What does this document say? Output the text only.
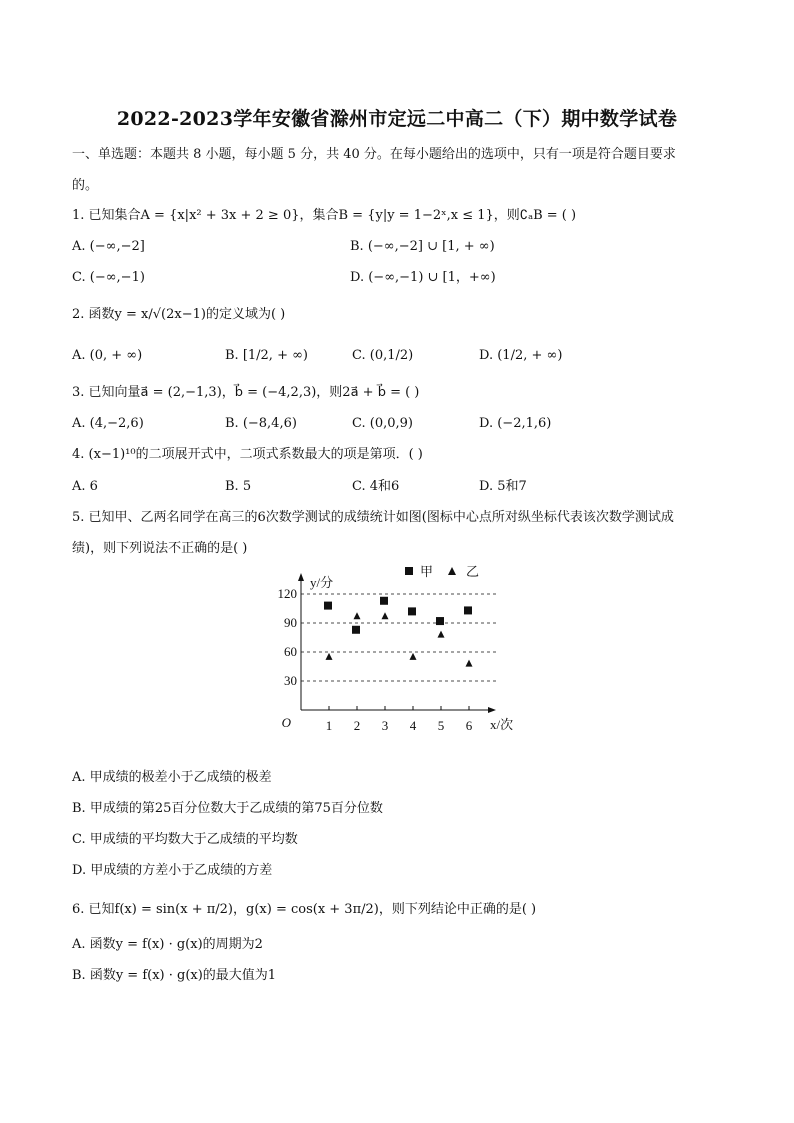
2022-2023学年安徽省滁州市定远二中高二（下）期中数学试卷
一、单选题：本题共 8 小题，每小题 5 分，共 40 分。在每小题给出的选项中，只有一项是符合题目要求
的。
1. 已知集合A = {x|x² + 3x + 2 ≥ 0}，集合B = {y|y = 1−2ˣ,x ≤ 1}，则∁ₐB = ( )
A. (−∞,−2]	B. (−∞,−2] ∪ [1, + ∞)
C. (−∞,−1)	D. (−∞,−1) ∪ [1，+∞)
2. 函数y = x/√(2x−1)的定义域为( )
A. (0, + ∞)	B. [1/2, + ∞)	C. (0,1/2)	D. (1/2, + ∞)
3. 已知向量a⃗ = (2,−1,3)，b⃗ = (−4,2,3)，则2a⃗ + b⃗ = ( )
A. (4,−2,6)	B. (−8,4,6)	C. (0,0,9)	D. (−2,1,6)
4. (x−1)¹⁰的二项展开式中，二项式系数最大的项是第项．( )
A. 6	B. 5	C. 4和6	D. 5和7
5. 已知甲、乙两名同学在高三的6次数学测试的成绩统计如图(图标中心点所对纵坐标代表该次数学测试成
绩)，则下列说法不正确的是( )
30
60
90
120
1 2 3 4 5 6
O
y/分
x/次
甲	乙
A. 甲成绩的极差小于乙成绩的极差
B. 甲成绩的第25百分位数大于乙成绩的第75百分位数
C. 甲成绩的平均数大于乙成绩的平均数
D. 甲成绩的方差小于乙成绩的方差
6. 已知f(x) = sin(x + π/2)，g(x) = cos(x + 3π/2)，则下列结论中正确的是( )
A. 函数y = f(x) · g(x)的周期为2
B. 函数y = f(x) · g(x)的最大值为1
